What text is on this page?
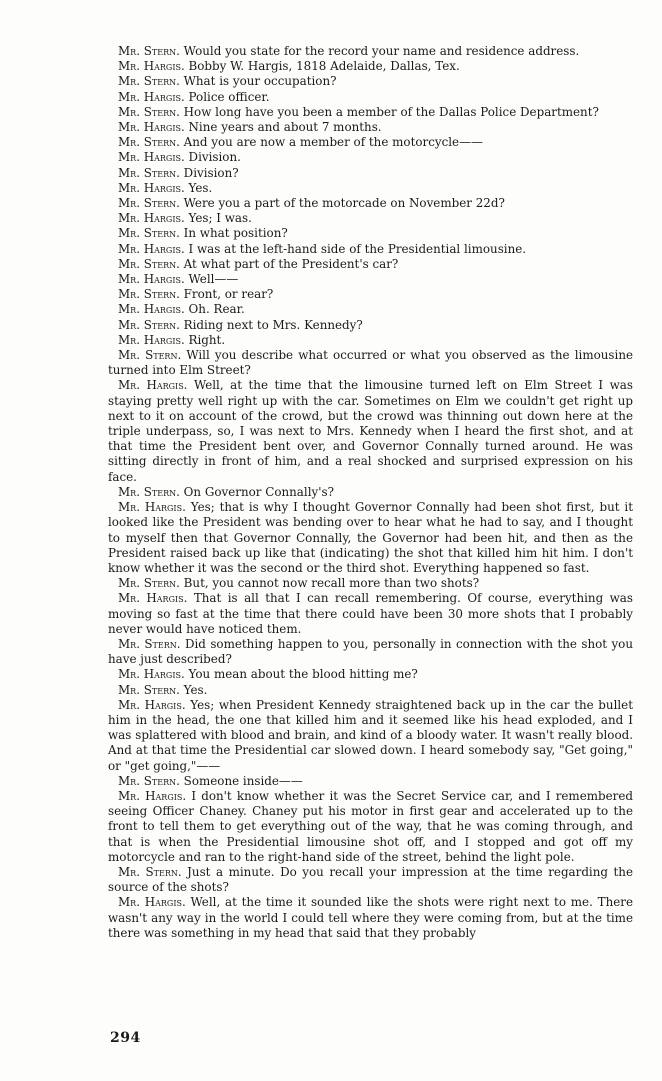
Mr. Stern. Would you state for the record your name and residence address.

Mr. Hargis. Bobby W. Hargis, 1818 Adelaide, Dallas, Tex.

Mr. Stern. What is your occupation?

Mr. Hargis. Police officer.

Mr. Stern. How long have you been a member of the Dallas Police Department?

Mr. Hargis. Nine years and about 7 months.

Mr. Stern. And you are now a member of the motorcycle——

Mr. Hargis. Division.

Mr. Stern. Division?

Mr. Hargis. Yes.

Mr. Stern. Were you a part of the motorcade on November 22d?

Mr. Hargis. Yes; I was.

Mr. Stern. In what position?

Mr. Hargis. I was at the left-hand side of the Presidential limousine.

Mr. Stern. At what part of the President's car?

Mr. Hargis. Well——

Mr. Stern. Front, or rear?

Mr. Hargis. Oh. Rear.

Mr. Stern. Riding next to Mrs. Kennedy?

Mr. Hargis. Right.

Mr. Stern. Will you describe what occurred or what you observed as the limousine turned into Elm Street?

Mr. Hargis. Well, at the time that the limousine turned left on Elm Street I was staying pretty well right up with the car. Sometimes on Elm we couldn't get right up next to it on account of the crowd, but the crowd was thinning out down here at the triple underpass, so, I was next to Mrs. Kennedy when I heard the first shot, and at that time the President bent over, and Governor Connally turned around. He was sitting directly in front of him, and a real shocked and surprised expression on his face.

Mr. Stern. On Governor Connally's?

Mr. Hargis. Yes; that is why I thought Governor Connally had been shot first, but it looked like the President was bending over to hear what he had to say, and I thought to myself then that Governor Connally, the Governor had been hit, and then as the President raised back up like that (indicating) the shot that killed him hit him. I don't know whether it was the second or the third shot. Everything happened so fast.

Mr. Stern. But, you cannot now recall more than two shots?

Mr. Hargis. That is all that I can recall remembering. Of course, everything was moving so fast at the time that there could have been 30 more shots that I probably never would have noticed them.

Mr. Stern. Did something happen to you, personally in connection with the shot you have just described?

Mr. Hargis. You mean about the blood hitting me?

Mr. Stern. Yes.

Mr. Hargis. Yes; when President Kennedy straightened back up in the car the bullet him in the head, the one that killed him and it seemed like his head exploded, and I was splattered with blood and brain, and kind of a bloody water. It wasn't really blood. And at that time the Presidential car slowed down. I heard somebody say, "Get going," or "get going,"——

Mr. Stern. Someone inside——

Mr. Hargis. I don't know whether it was the Secret Service car, and I remembered seeing Officer Chaney. Chaney put his motor in first gear and accelerated up to the front to tell them to get everything out of the way, that he was coming through, and that is when the Presidential limousine shot off, and I stopped and got off my motorcycle and ran to the right-hand side of the street, behind the light pole.

Mr. Stern. Just a minute. Do you recall your impression at the time regarding the source of the shots?

Mr. Hargis. Well, at the time it sounded like the shots were right next to me. There wasn't any way in the world I could tell where they were coming from, but at the time there was something in my head that said that they probably

294
